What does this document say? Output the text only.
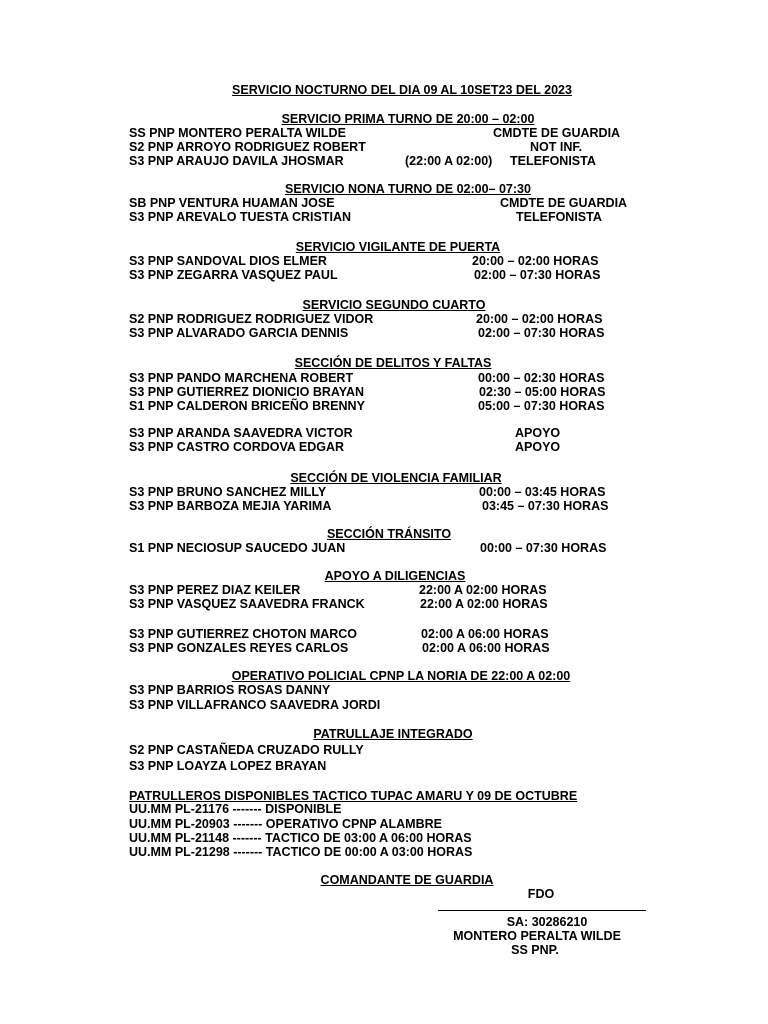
SERVICIO NOCTURNO DEL DIA 09 AL 10SET23 DEL 2023
SERVICIO PRIMA TURNO DE 20:00 – 02:00
SS PNP MONTERO PERALTA WILDE	CMDTE DE GUARDIA
S2 PNP ARROYO RODRIGUEZ ROBERT	NOT INF.
S3 PNP ARAUJO DAVILA JHOSMAR	(22:00 A 02:00) TELEFONISTA
SERVICIO NONA TURNO DE 02:00– 07:30
SB PNP VENTURA HUAMAN JOSE	CMDTE DE GUARDIA
S3 PNP AREVALO TUESTA CRISTIAN	TELEFONISTA
SERVICIO VIGILANTE DE PUERTA
S3 PNP SANDOVAL DIOS ELMER	20:00 – 02:00 HORAS
S3 PNP ZEGARRA VASQUEZ PAUL	02:00 – 07:30 HORAS
SERVICIO SEGUNDO CUARTO
S2 PNP RODRIGUEZ RODRIGUEZ VIDOR	20:00 – 02:00 HORAS
S3 PNP ALVARADO GARCIA DENNIS	02:00 – 07:30 HORAS
SECCIÓN DE DELITOS Y FALTAS
S3 PNP PANDO MARCHENA ROBERT	00:00 – 02:30 HORAS
S3 PNP GUTIERREZ DIONICIO BRAYAN	02:30 – 05:00 HORAS
S1 PNP CALDERON BRICEÑO BRENNY	05:00 – 07:30 HORAS
S3 PNP ARANDA SAAVEDRA VICTOR	APOYO
S3 PNP CASTRO CORDOVA EDGAR	APOYO
SECCIÓN DE VIOLENCIA FAMILIAR
S3 PNP BRUNO SANCHEZ MILLY	00:00 – 03:45 HORAS
S3 PNP BARBOZA MEJIA YARIMA	03:45 – 07:30 HORAS
SECCIÓN TRÁNSITO
S1 PNP NECIOSUP SAUCEDO JUAN	00:00 – 07:30 HORAS
APOYO A DILIGENCIAS
S3 PNP PEREZ DIAZ KEILER	22:00 A 02:00 HORAS
S3 PNP VASQUEZ SAAVEDRA FRANCK	22:00 A 02:00 HORAS
S3 PNP GUTIERREZ CHOTON MARCO	02:00 A 06:00 HORAS
S3 PNP GONZALES REYES CARLOS	02:00 A 06:00 HORAS
OPERATIVO POLICIAL CPNP LA NORIA DE 22:00 A 02:00
S3 PNP BARRIOS ROSAS DANNY
S3 PNP VILLAFRANCO SAAVEDRA JORDI
PATRULLAJE INTEGRADO
S2 PNP CASTAÑEDA CRUZADO RULLY
S3 PNP LOAYZA LOPEZ BRAYAN
PATRULLEROS DISPONIBLES TACTICO TUPAC AMARU Y 09 DE OCTUBRE
UU.MM PL-21176 ------- DISPONIBLE
UU.MM PL-20903 ------- OPERATIVO CPNP ALAMBRE
UU.MM PL-21148 ------- TACTICO DE 03:00 A 06:00 HORAS
UU.MM PL-21298 ------- TACTICO DE 00:00 A 03:00 HORAS
COMANDANTE DE GUARDIA
FDO
SA: 30286210
MONTERO PERALTA WILDE
SS PNP.
